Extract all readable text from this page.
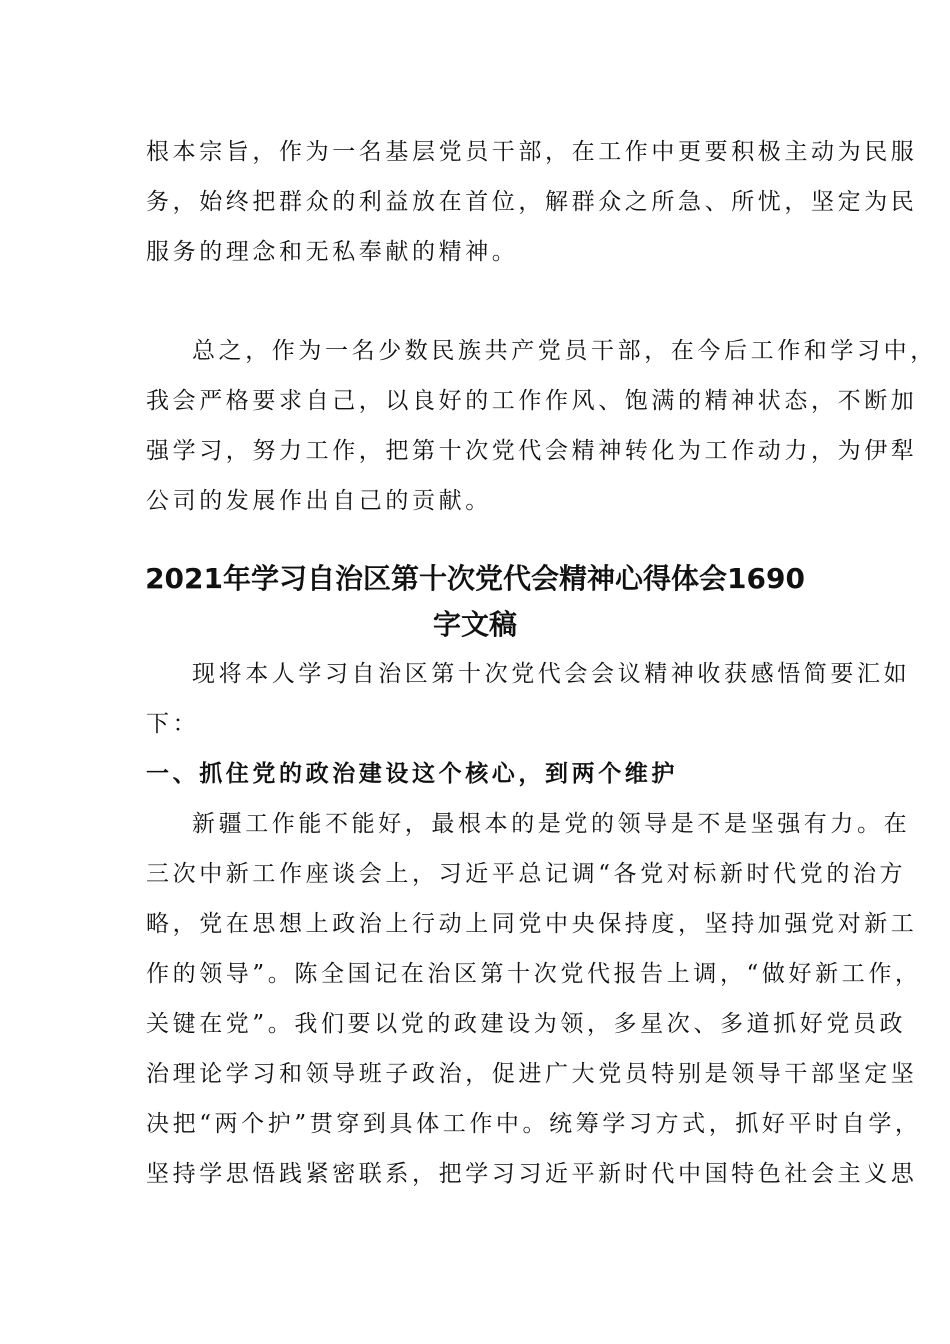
根本宗旨，作为一名基层党员干部，在工作中更要积极主动为民服
务，始终把群众的利益放在首位，解群众之所急、所忧，坚定为民
服务的理念和无私奉献的精神。
总之，作为一名少数民族共产党员干部，在今后工作和学习中，
我会严格要求自己，以良好的工作作风、饱满的精神状态，不断加
强学习，努力工作，把第十次党代会精神转化为工作动力，为伊犁
公司的发展作出自己的贡献。
2021年学习自治区第十次党代会精神心得体会1690
字文稿
现将本人学习自治区第十次党代会会议精神收获感悟简要汇如
下：
一、抓住党的政治建设这个核心，到两个维护
新疆工作能不能好，最根本的是党的领导是不是坚强有力。在
三次中新工作座谈会上，习近平总记调“各党对标新时代党的治方
略，党在思想上政治上行动上同党中央保持度，坚持加强党对新工
作的领导”。陈全国记在治区第十次党代报告上调，“做好新工作，
关键在党”。我们要以党的政建设为领，多星次、多道抓好党员政
治理论学习和领导班子政治，促进广大党员特别是领导干部坚定坚
决把“两个护”贯穿到具体工作中。统筹学习方式，抓好平时自学，
坚持学思悟践紧密联系，把学习习近平新时代中国特色社会主义思
